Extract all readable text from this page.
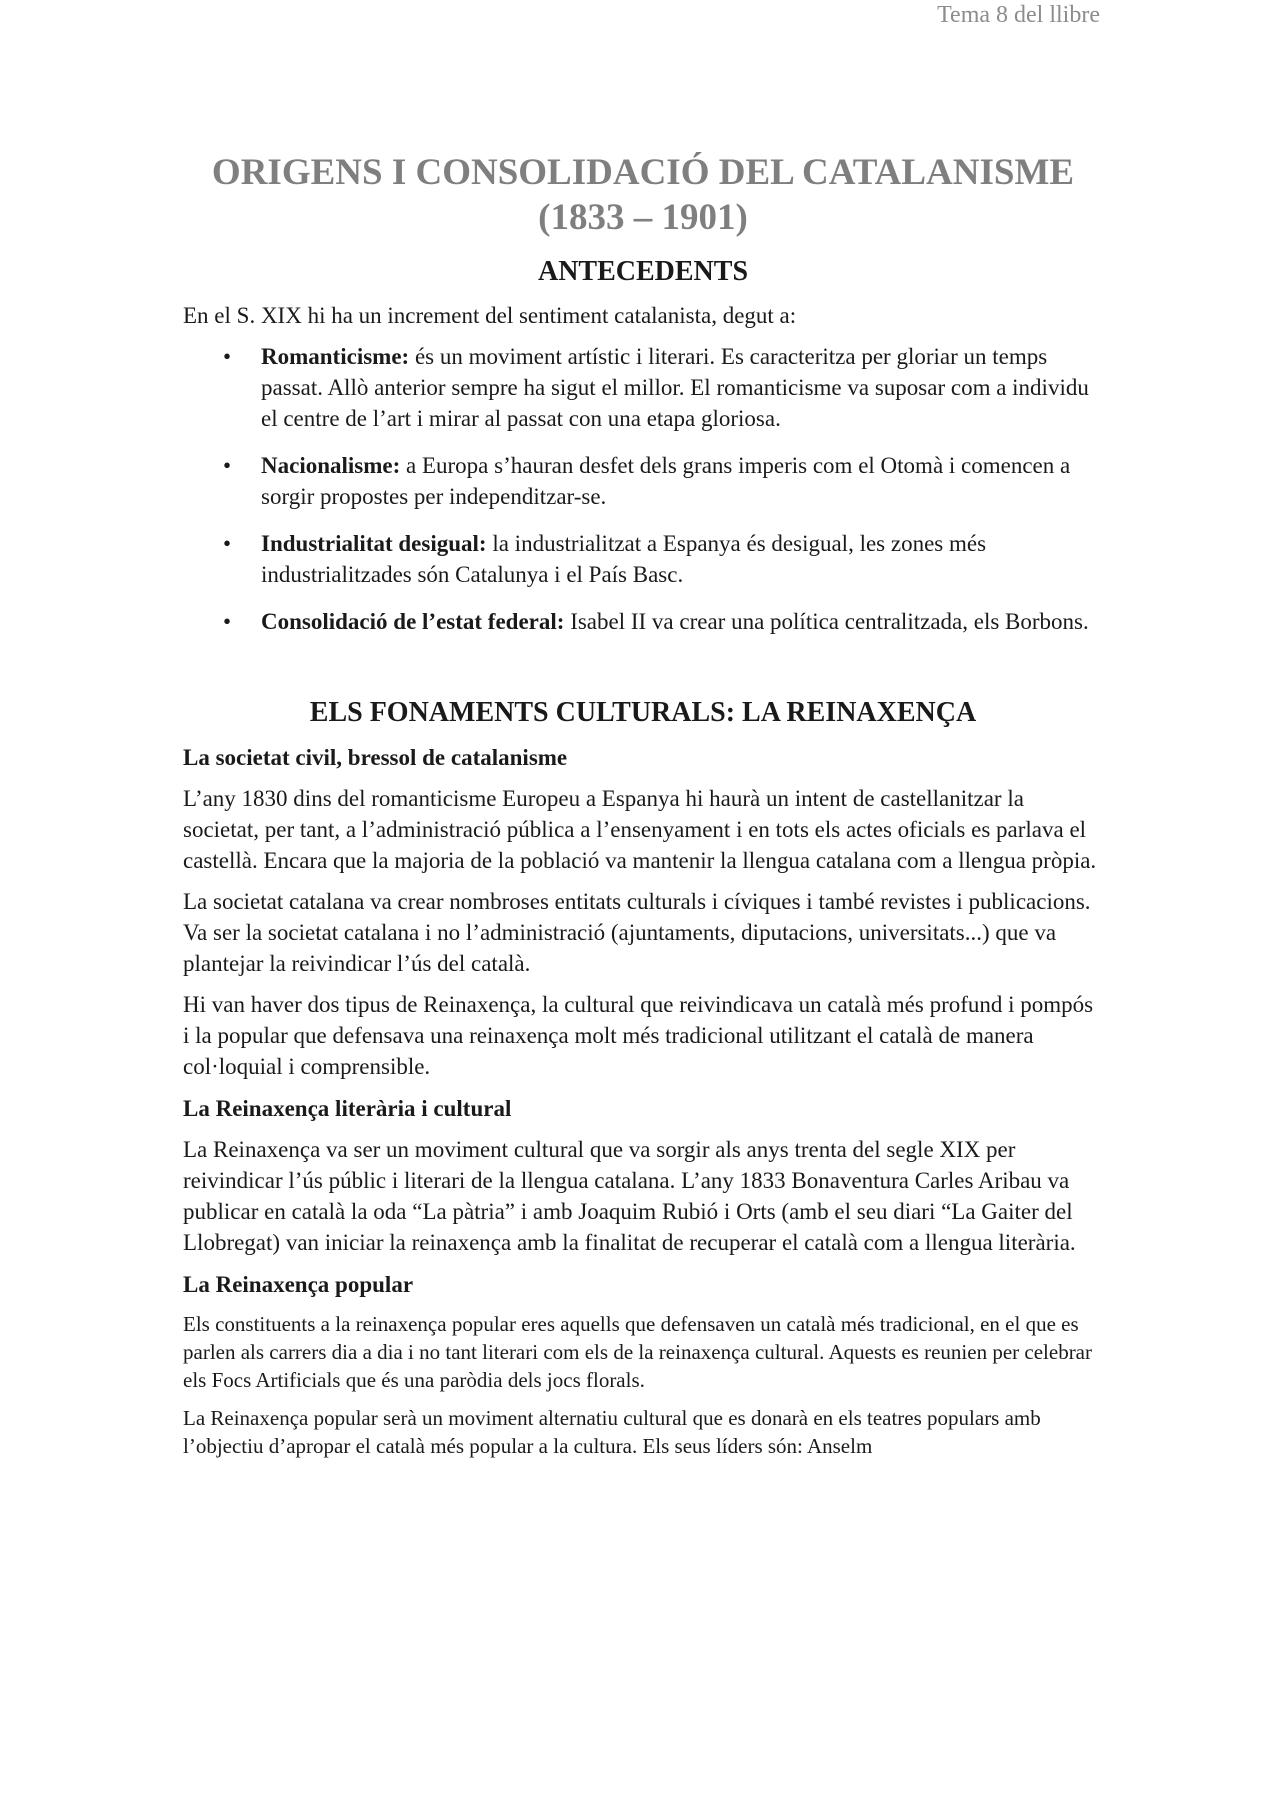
Tema 8 del llibre
ORIGENS I CONSOLIDACIÓ DEL CATALANISME
(1833 – 1901)
ANTECEDENTS

En el S. XIX hi ha un increment del sentiment catalanista, degut a:

• Romanticisme: és un moviment artístic i literari. Es caracteritza per gloriar un temps passat. Allò anterior sempre ha sigut el millor. El romanticisme va suposar com a individu el centre de l’art i mirar al passat con una etapa gloriosa.
• Nacionalisme: a Europa s’hauran desfet dels grans imperis com el Otomà i comencen a sorgir propostes per independitzar-se.
• Industrialitat desigual: la industrialitzat a Espanya és desigual, les zones més industrialitzades són Catalunya i el País Basc.
• Consolidació de l’estat federal: Isabel II va crear una política centralitzada, els Borbons.
ELS FONAMENTS CULTURALS: LA REINAXENÇA
La societat civil, bressol de catalanisme

L’any 1830 dins del romanticisme Europeu a Espanya hi haurà un intent de castellanitzar la societat, per tant, a l’administració pública a l’ensenyament i en tots els actes oficials es parlava el castellà. Encara que la majoria de la població va mantenir la llengua catalana com a llengua pròpia.

La societat catalana va crear nombroses entitats culturals i cíviques i també revistes i publicacions. Va ser la societat catalana i no l’administració (ajuntaments, diputacions, universitats...) que va plantejar la reivindicar l’ús del català.

Hi van haver dos tipus de Reinaxença, la cultural que reivindicava un català més profund i pompós i la popular que defensava una reinaxença molt més tradicional utilitzant el català de manera col·loquial i comprensible.

La Reinaxença literària i cultural

La Reinaxença va ser un moviment cultural que va sorgir als anys trenta del segle XIX per reivindicar l’ús públic i literari de la llengua catalana. L’any 1833 Bonaventura Carles Aribau va publicar en català la oda “La pàtria” i amb Joaquim Rubió i Orts (amb el seu diari “La Gaiter del Llobregat) van iniciar la reinaxença amb la finalitat de recuperar el català com a llengua literària.

La Reinaxença popular

Els constituents a la reinaxença popular eres aquells que defensaven un català més tradicional, en el que es parlen als carrers dia a dia i no tant literari com els de la reinaxença cultural. Aquests es reunien per celebrar els Focs Artificials que és una paròdia dels jocs florals.

La Reinaxença popular serà un moviment alternatiu cultural que es donarà en els teatres populars amb l’objectiu d’apropar el català més popular a la cultura. Els seus líders són: Anselm
